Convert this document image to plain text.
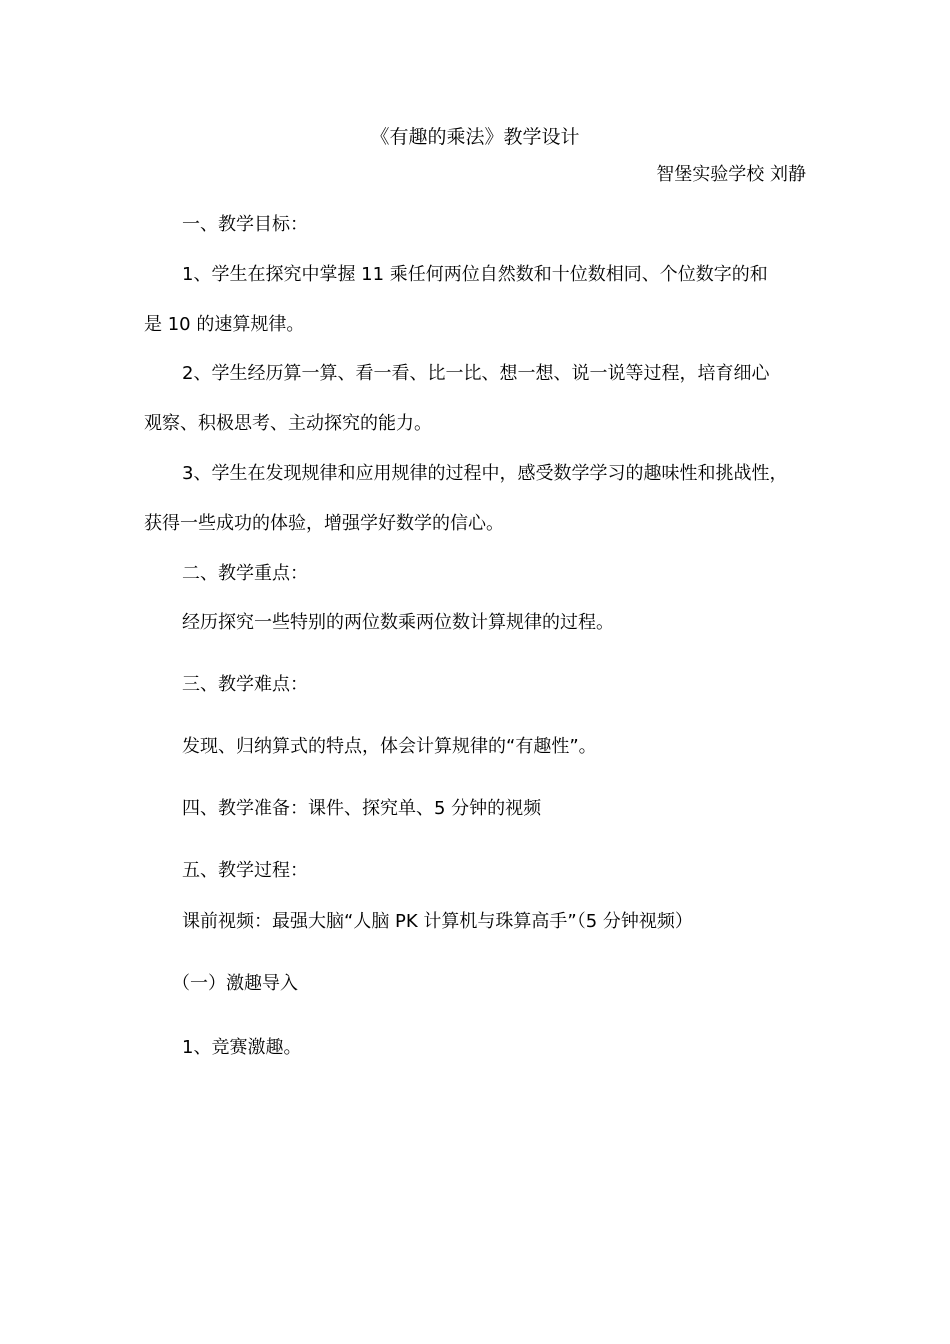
《有趣的乘法》教学设计
智堡实验学校 刘静
一、教学目标：
1、学生在探究中掌握 11 乘任何两位自然数和十位数相同、个位数字的和
是 10 的速算规律。
2、学生经历算一算、看一看、比一比、想一想、说一说等过程，培育细心
观察、积极思考、主动探究的能力。
3、学生在发现规律和应用规律的过程中，感受数学学习的趣味性和挑战性，
获得一些成功的体验，增强学好数学的信心。
二、教学重点：
经历探究一些特别的两位数乘两位数计算规律的过程。
三、教学难点：
发现、归纳算式的特点，体会计算规律的“有趣性”。
四、教学准备：课件、探究单、5 分钟的视频
五、教学过程：
课前视频：最强大脑“人脑 PK 计算机与珠算高手”（5 分钟视频）
（一）激趣导入
1、竞赛激趣。
